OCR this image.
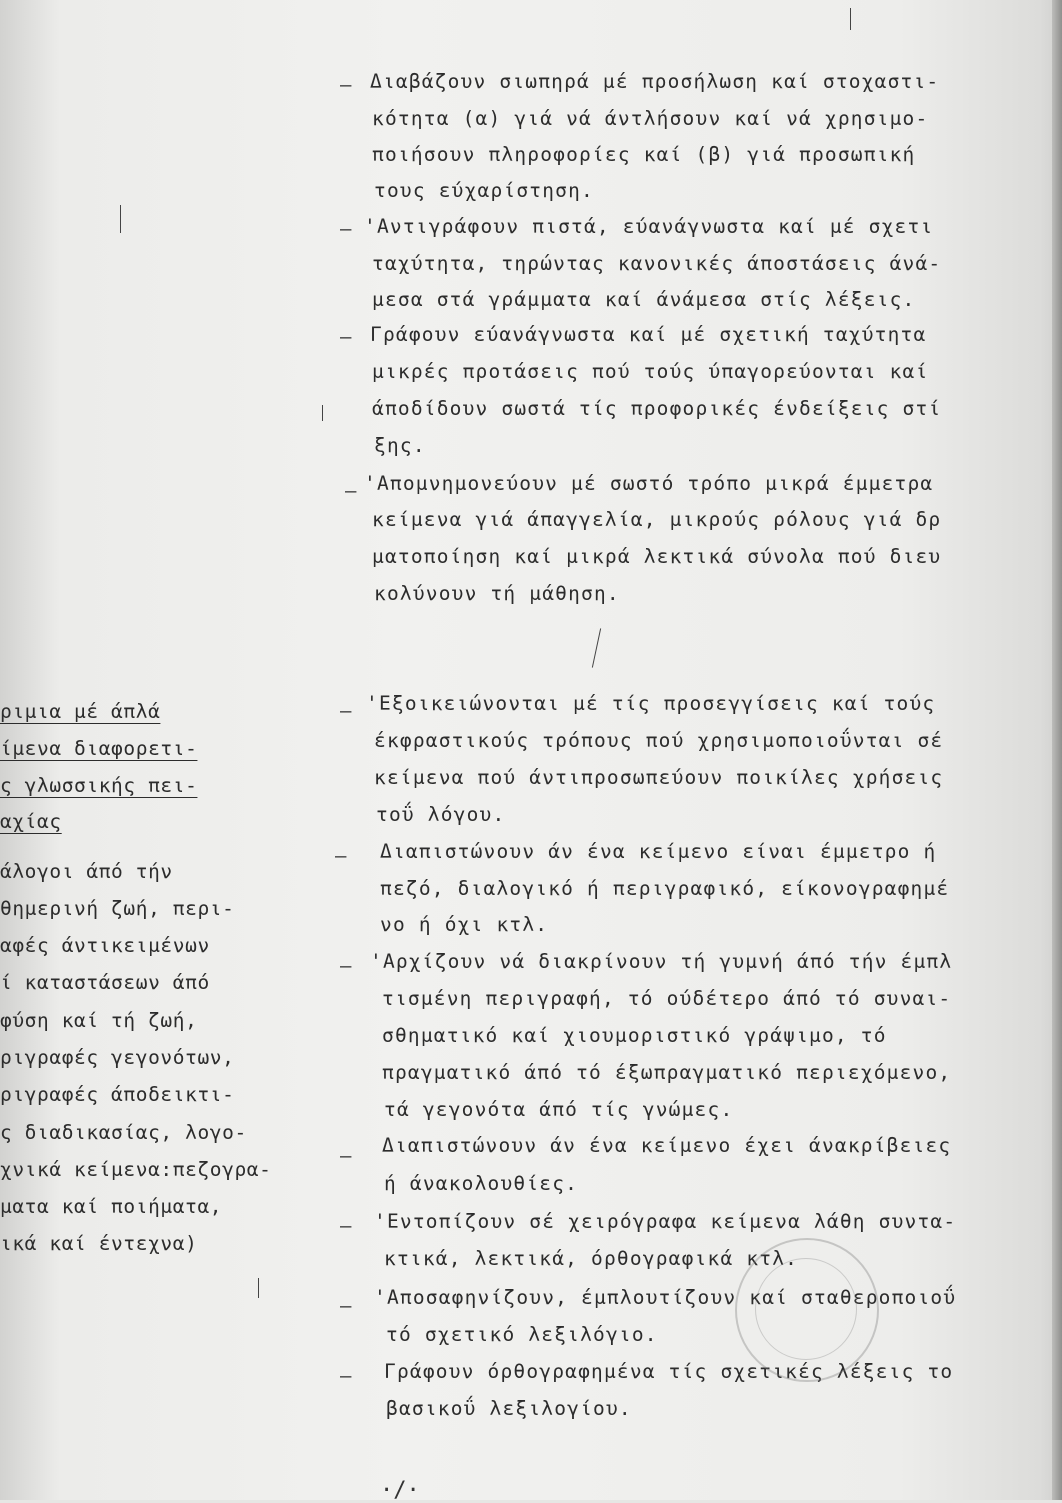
–
–
–
–
–
–
–
–
–
–
–
Διαβάζουν σιωπηρά μέ προσήλωση καί στοχαστι-
κότητα (α) γιά νά άντλήσουν καί νά χρησιμο-
ποιήσουν πληροφορίες καί (β) γιά προσωπική
τους εύχαρίστηση.
'Αντιγράφουν πιστά, εύανάγνωστα καί μέ σχετι
ταχύτητα, τηρώντας κανονικές άποστάσεις άνά-
μεσα στά γράμματα καί άνάμεσα στίς λέξεις.
Γράφουν εύανάγνωστα καί μέ σχετική ταχύτητα
μικρές προτάσεις πού τούς ύπαγορεύονται καί
άποδίδουν σωστά τίς προφορικές ένδείξεις στί
ξης.
'Απομνημονεύουν μέ σωστό τρόπο μικρά έμμετρα
κείμενα γιά άπαγγελία, μικρούς ρόλους γιά δρ
ματοποίηση καί μικρά λεκτικά σύνολα πού διευ
κολύνουν τή μάθηση.
'Εξοικειώνονται μέ τίς προσεγγίσεις καί τούς
έκφραστικούς τρόπους πού χρησιμοποιοΰνται σέ
κείμενα πού άντιπροσωπεύουν ποικίλες χρήσεις
τοΰ λόγου.
Διαπιστώνουν άν ένα κείμενο είναι έμμετρο ή
πεζό, διαλογικό ή περιγραφικό, είκονογραφημέ
νο ή όχι κτλ.
'Αρχίζουν νά διακρίνουν τή γυμνή άπό τήν έμπλ
τισμένη περιγραφή, τό ούδέτερο άπό τό συναι-
σθηματικό καί χιουμοριστικό γράψιμο, τό
πραγματικό άπό τό έξωπραγματικό περιεχόμενο,
τά γεγονότα άπό τίς γνώμες.
Διαπιστώνουν άν ένα κείμενο έχει άνακρίβειες
ή άνακολουθίες.
'Εντοπίζουν σέ χειρόγραφα κείμενα λάθη συντα-
κτικά, λεκτικά, όρθογραφικά κτλ.
'Αποσαφηνίζουν, έμπλουτίζουν καί σταθεροποιοΰ
τό σχετικό λεξιλόγιο.
Γράφουν όρθογραφημένα τίς σχετικές λέξεις το
βασικοΰ λεξιλογίου.
ριμια μέ άπλά
ίμενα διαφορετι-
ς γλωσσικής πει-
αχίας
άλογοι άπό τήν
θημερινή ζωή, περι-
αφές άντικειμένων
ί καταστάσεων άπό
φύση καί τή ζωή,
ριγραφές γεγονότων,
ριγραφές άποδεικτι-
ς διαδικασίας, λογο-
χνικά κείμενα:πεζογρα-
ματα καί ποιήματα,
ικά καί έντεχνα)
·/·
